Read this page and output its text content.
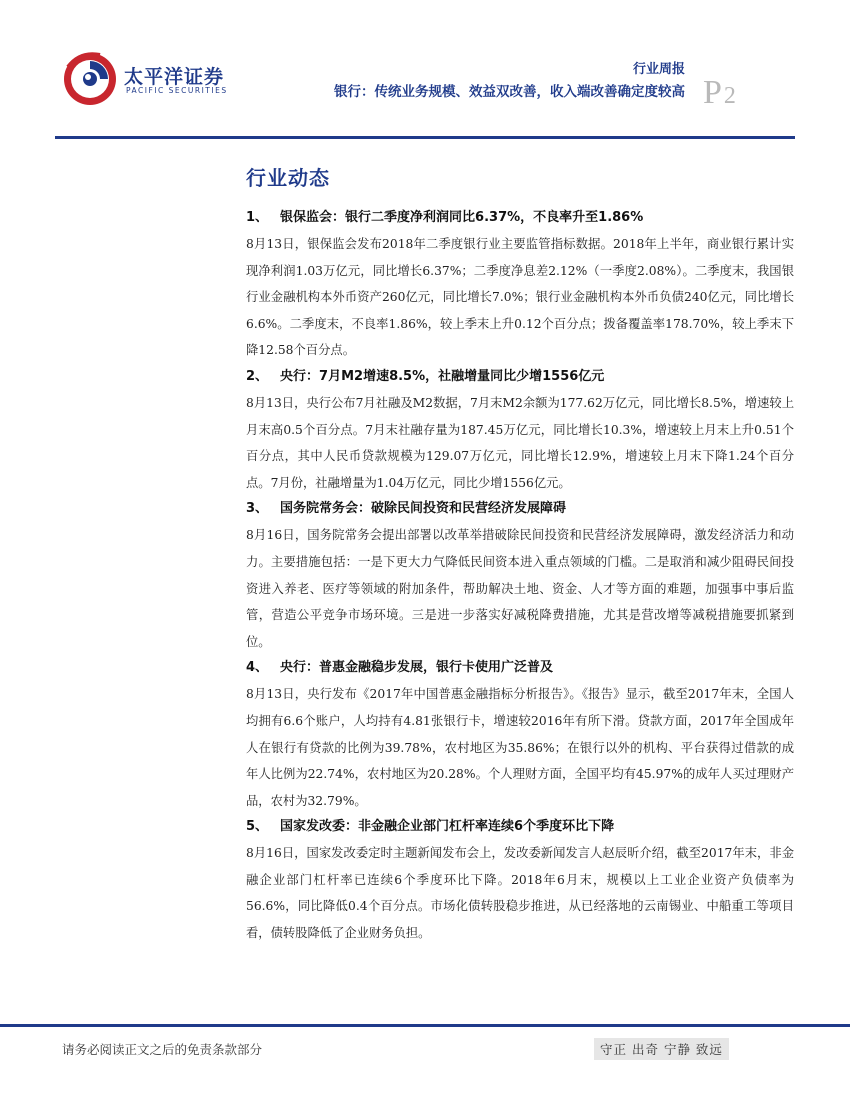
太平洋证券
PACIFIC SECURITIES
行业周报
银行：传统业务规模、效益双改善，收入端改善确定度较高 P2
行业动态

1、 银保监会：银行二季度净利润同比6.37%，不良率升至1.86%

8月13日，银保监会发布2018年二季度银行业主要监管指标数据。2018年上半年，商业银行累计实现净利润1.03万亿元，同比增长6.37%；二季度净息差2.12%（一季度2.08%）。二季度末，我国银行业金融机构本外币资产260亿元，同比增长7.0%；银行业金融机构本外币负债240亿元，同比增长6.6%。二季度末，不良率1.86%，较上季末上升0.12个百分点；拨备覆盖率178.70%，较上季末下降12.58个百分点。

2、 央行：7月M2增速8.5%，社融增量同比少增1556亿元

8月13日，央行公布7月社融及M2数据，7月末M2余额为177.62万亿元，同比增长8.5%，增速较上月末高0.5个百分点。7月末社融存量为187.45万亿元，同比增长10.3%，增速较上月末上升0.51个百分点，其中人民币贷款规模为129.07万亿元，同比增长12.9%，增速较上月末下降1.24个百分点。7月份，社融增量为1.04万亿元，同比少增1556亿元。

3、 国务院常务会：破除民间投资和民营经济发展障碍

8月16日，国务院常务会提出部署以改革举措破除民间投资和民营经济发展障碍，激发经济活力和动力。主要措施包括：一是下更大力气降低民间资本进入重点领域的门槛。二是取消和减少阻碍民间投资进入养老、医疗等领域的附加条件，帮助解决土地、资金、人才等方面的难题，加强事中事后监管，营造公平竞争市场环境。三是进一步落实好减税降费措施，尤其是营改增等减税措施要抓紧到位。

4、 央行：普惠金融稳步发展，银行卡使用广泛普及

8月13日，央行发布《2017年中国普惠金融指标分析报告》。《报告》显示，截至2017年末，全国人均拥有6.6个账户，人均持有4.81张银行卡，增速较2016年有所下滑。贷款方面，2017年全国成年人在银行有贷款的比例为39.78%，农村地区为35.86%；在银行以外的机构、平台获得过借款的成年人比例为22.74%，农村地区为20.28%。个人理财方面，全国平均有45.97%的成年人买过理财产品，农村为32.79%。

5、 国家发改委：非金融企业部门杠杆率连续6个季度环比下降

8月16日，国家发改委定时主题新闻发布会上，发改委新闻发言人赵辰昕介绍，截至2017年末，非金融企业部门杠杆率已连续6个季度环比下降。2018年6月末，规模以上工业企业资产负债率为56.6%，同比降低0.4个百分点。市场化债转股稳步推进，从已经落地的云南锡业、中船重工等项目看，债转股降低了企业财务负担。

请务必阅读正文之后的免责条款部分	守正 出奇 宁静 致远
